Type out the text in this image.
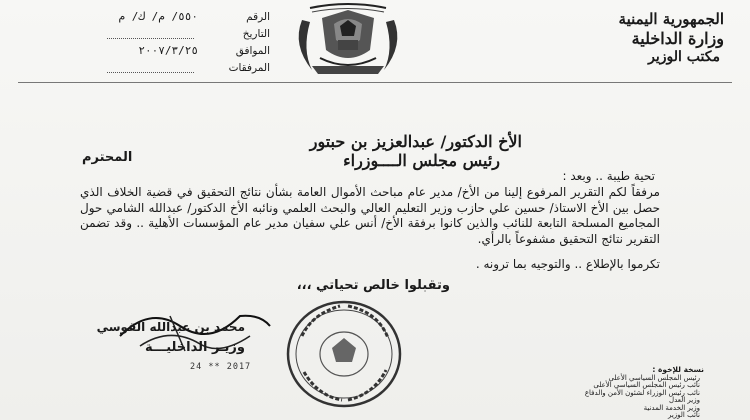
الجمهورية اليمنية
وزارة الداخلية
مكتب الوزير
الرقم
٥٥٠/ م/ ك/ م
التاريخ
الموافق
٢٠٠٧/٣/٢٥
المرفقات
الأخ الدكتور/ عبدالعزيز بن حبتور
رئيس مجلس الــــوزراء
المحترم
تحية طيبة .. وبعد :
مرفقاً لكم التقرير المرفوع إلينا من الأخ/ مدير عام مباحث الأموال العامة بشأن نتائج التحقيق في قضية الخلاف الذي حصل بين الأخ الاستاذ/ حسين علي حازب وزير التعليم العالي والبحث العلمي ونائبه الأخ الدكتور/ عبدالله الشامي حول المجاميع المسلحة التابعة للنائب والذين كانوا برفقة الأخ/ أنس علي سفيان مدير عام المؤسسات الأهلية .. وقد تضمن التقرير نتائج التحقيق مشفوعاً بالرأي.
تكرموا بالإطلاع .. والتوجيه بما ترونه .
وتقبلوا خالص تحياتي ،،،
محمد بن عبدالله القوسي
وزيـر الداخليـــة
24 ** 2017	نسخة للإخوة :
رئيس المجلس السياسي الأعلى
نائب رئيس المجلس السياسي الأعلى
نائب رئيس الوزراء لشئون الأمن والدفاع
وزير العدل
وزير الخدمة المدنية
نائب الوزير
